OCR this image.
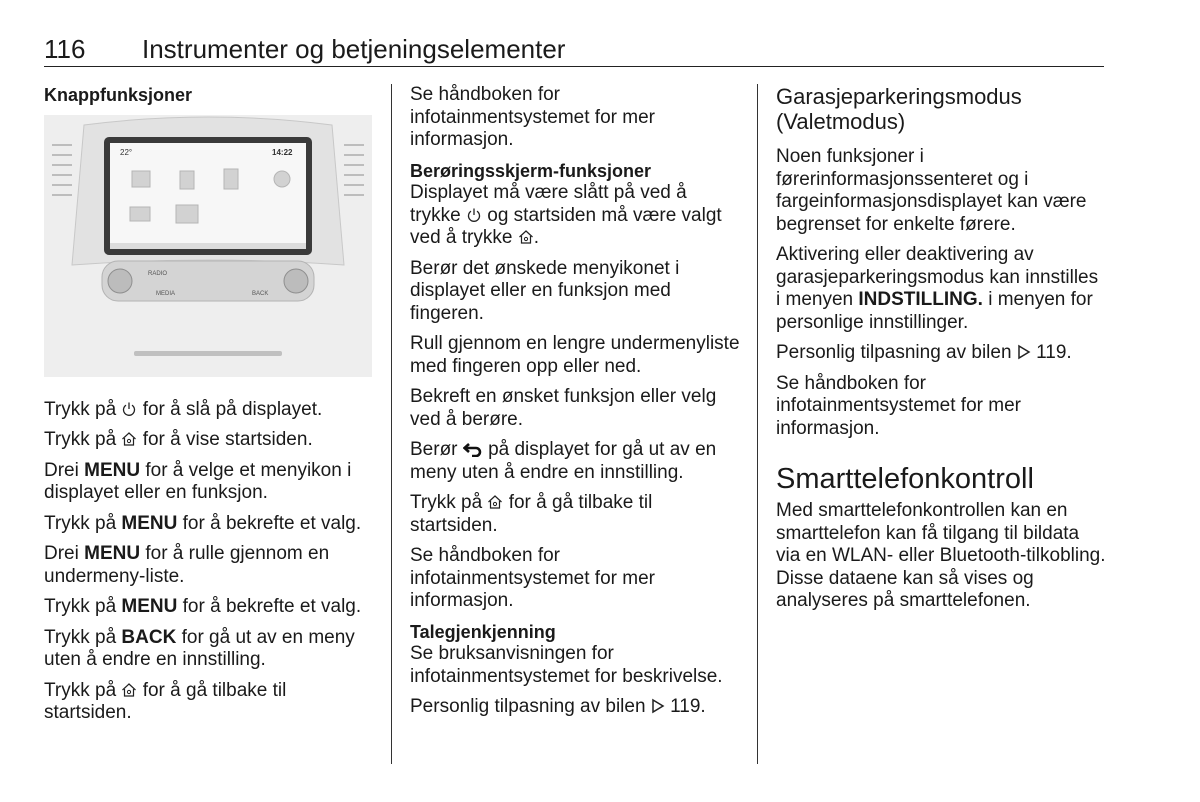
116 Instrumenter og betjeningselementer
Knappfunksjoner
22°	14:22
RADIO
MEDIA	BACK

Trykk på for å slå på displayet.

Trykk på for å vise startsiden.

Drei MENU for å velge et menyikon i displayet eller en funksjon.

Trykk på MENU for å bekrefte et valg.

Drei MENU for å rulle gjennom en undermeny-liste.

Trykk på MENU for å bekrefte et valg.

Trykk på BACK for gå ut av en meny uten å endre en innstilling.

Trykk på for å gå tilbake til startsiden.

Se håndboken for infotainmentsystemet for mer informasjon.

Berøringsskjerm-funksjoner
Displayet må være slått på ved å trykke og startsiden må være valgt ved å trykke .

Berør det ønskede menyikonet i displayet eller en funksjon med fingeren.

Rull gjennom en lengre undermenyliste med fingeren opp eller ned.

Bekreft en ønsket funksjon eller velg ved å berøre.

Berør på displayet for gå ut av en meny uten å endre en innstilling.

Trykk på for å gå tilbake til startsiden.

Se håndboken for infotainmentsystemet for mer informasjon.

Talegjenkjenning
Se bruksanvisningen for infotainmentsystemet for beskrivelse.

Personlig tilpasning av bilen 119.

Garasjeparkeringsmodus (Valetmodus)

Noen funksjoner i førerinformasjonssenteret og i fargeinformasjonsdisplayet kan være begrenset for enkelte førere.

Aktivering eller deaktivering av garasjeparkeringsmodus kan innstilles i menyen INDSTILLING. i menyen for personlige innstillinger.

Personlig tilpasning av bilen 119.

Se håndboken for infotainmentsystemet for mer informasjon.

Smarttelefonkontroll

Med smarttelefonkontrollen kan en smarttelefon kan få tilgang til bildata via en WLAN- eller Bluetooth-tilkobling. Disse dataene kan så vises og analyseres på smarttelefonen.
